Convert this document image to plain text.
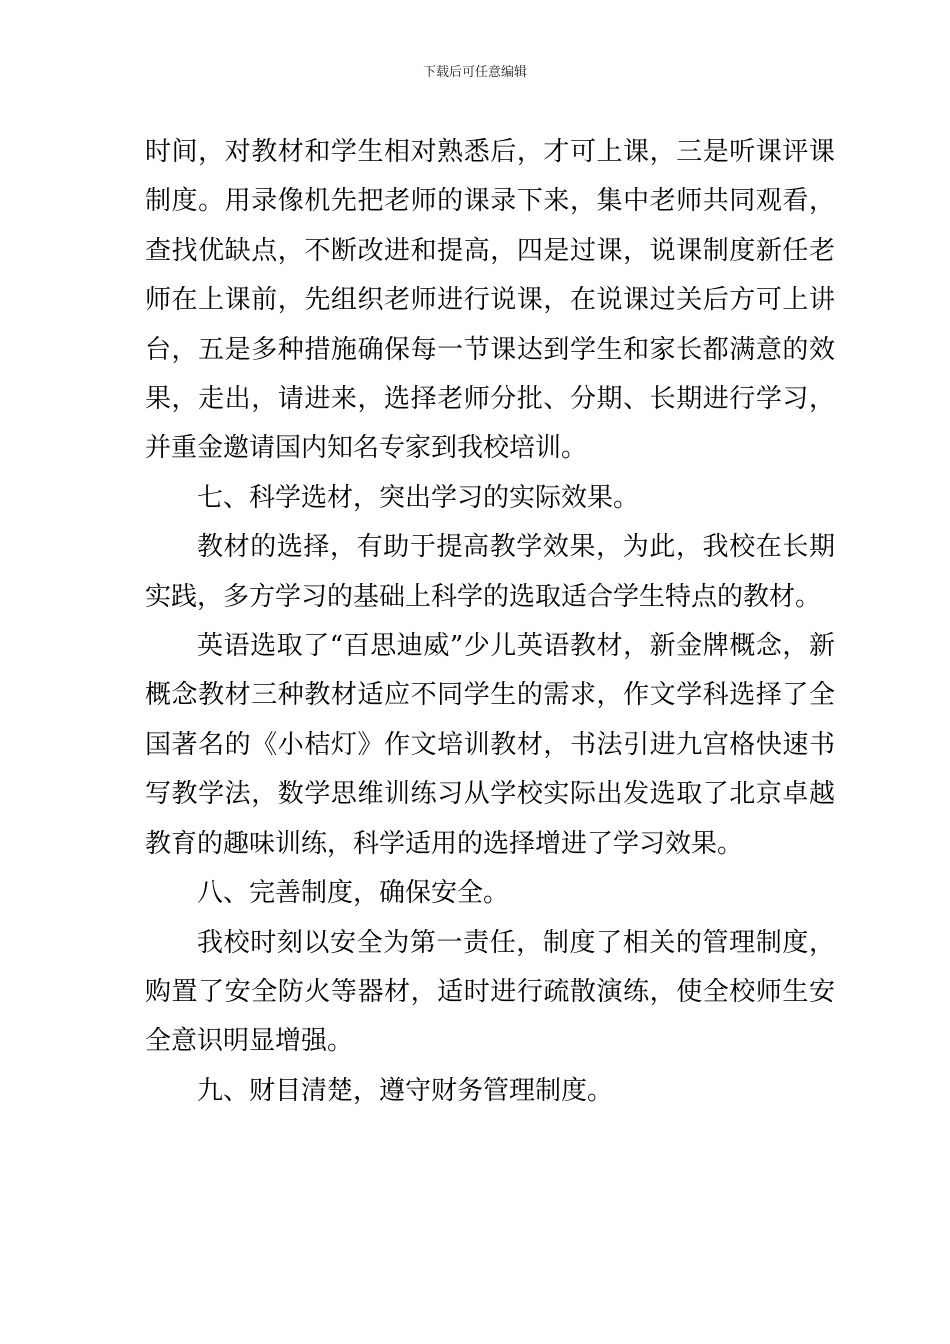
下载后可任意编辑

时间，对教材和学生相对熟悉后，才可上课，三是听课评课制度。用录像机先把老师的课录下来，集中老师共同观看，查找优缺点，不断改进和提高，四是过课，说课制度新任老师在上课前，先组织老师进行说课，在说课过关后方可上讲台，五是多种措施确保每一节课达到学生和家长都满意的效果，走出，请进来，选择老师分批、分期、长期进行学习，并重金邀请国内知名专家到我校培训。

七、科学选材，突出学习的实际效果。

教材的选择，有助于提高教学效果，为此，我校在长期实践，多方学习的基础上科学的选取适合学生特点的教材。

英语选取了“百思迪威”少儿英语教材，新金牌概念，新概念教材三种教材适应不同学生的需求，作文学科选择了全国著名的《小桔灯》作文培训教材，书法引进九宫格快速书写教学法，数学思维训练习从学校实际出发选取了北京卓越教育的趣味训练，科学适用的选择增进了学习效果。

八、完善制度，确保安全。

我校时刻以安全为第一责任，制度了相关的管理制度，购置了安全防火等器材，适时进行疏散演练，使全校师生安全意识明显增强。

九、财目清楚，遵守财务管理制度。
